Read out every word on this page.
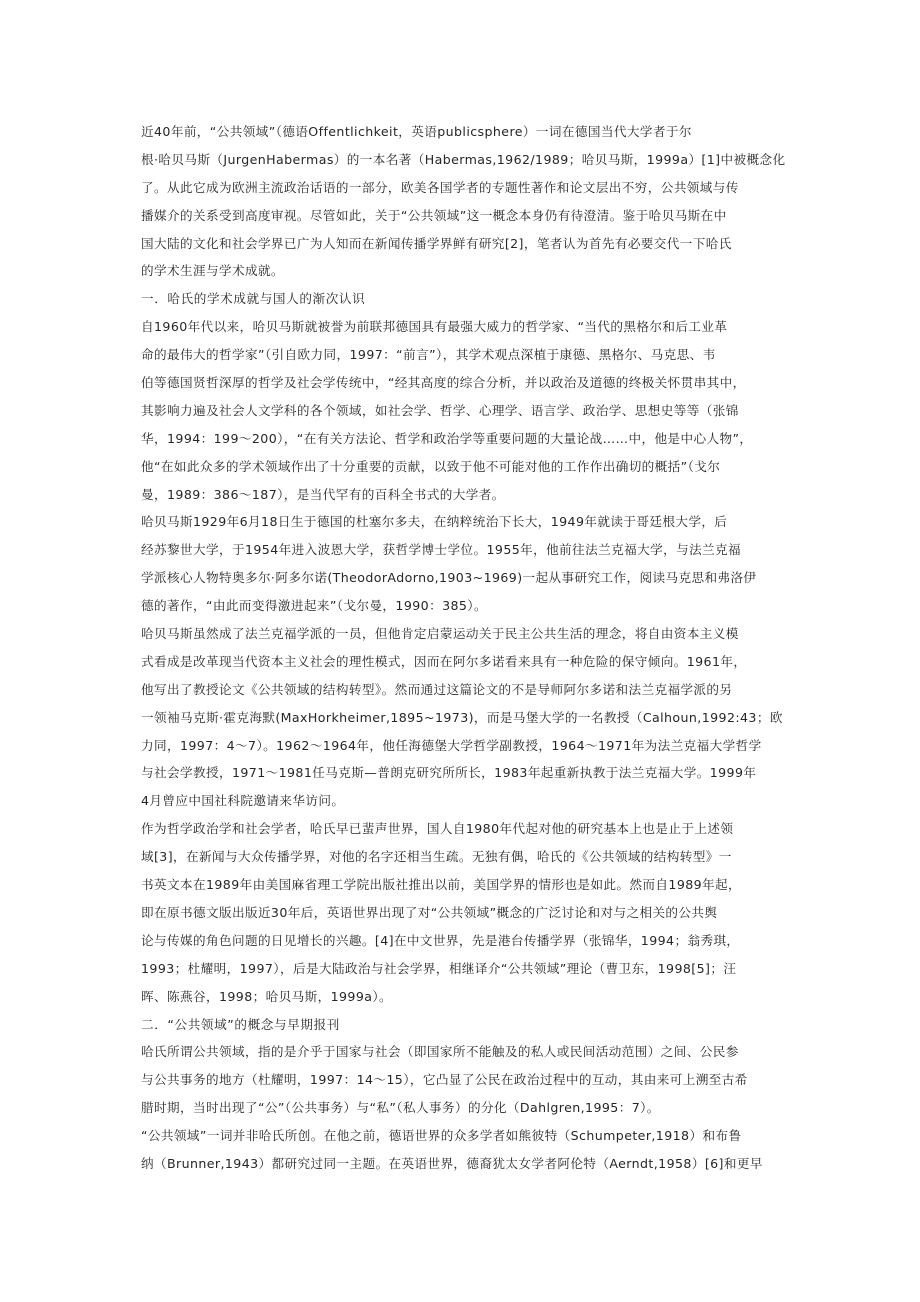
近40年前，“公共领域”（德语Offentlichkeit，英语publicsphere）一词在德国当代大学者于尔
根·哈贝马斯（JurgenHabermas）的一本名著（Habermas,1962/1989；哈贝马斯，1999a）[1]中被概念化
了。从此它成为欧洲主流政治话语的一部分，欧美各国学者的专题性著作和论文层出不穷，公共领域与传
播媒介的关系受到高度审视。尽管如此，关于“公共领域”这一概念本身仍有待澄清。鉴于哈贝马斯在中
国大陆的文化和社会学界已广为人知而在新闻传播学界鲜有研究[2]，笔者认为首先有必要交代一下哈氏
的学术生涯与学术成就。
一．哈氏的学术成就与国人的渐次认识
自1960年代以来，哈贝马斯就被誉为前联邦德国具有最强大威力的哲学家、“当代的黑格尔和后工业革
命的最伟大的哲学家”（引自欧力同，1997：“前言”），其学术观点深植于康德、黑格尔、马克思、韦
伯等德国贤哲深厚的哲学及社会学传统中，“经其高度的综合分析，并以政治及道德的终极关怀贯串其中，
其影响力遍及社会人文学科的各个领域，如社会学、哲学、心理学、语言学、政治学、思想史等等（张锦
华，1994：199～200），“在有关方法论、哲学和政治学等重要问题的大量论战……中，他是中心人物”，
他“在如此众多的学术领域作出了十分重要的贡献，以致于他不可能对他的工作作出确切的概括”（戈尔
曼，1989：386～187），是当代罕有的百科全书式的大学者。
哈贝马斯1929年6月18日生于德国的杜塞尔多夫，在纳粹统治下长大，1949年就读于哥廷根大学，后
经苏黎世大学，于1954年进入波恩大学，获哲学博士学位。1955年，他前往法兰克福大学，与法兰克福
学派核心人物特奥多尔·阿多尔诺(TheodorAdorno,1903~1969)一起从事研究工作，阅读马克思和弗洛伊
德的著作，“由此而变得激进起来”（戈尔曼，1990：385）。
哈贝马斯虽然成了法兰克福学派的一员，但他肯定启蒙运动关于民主公共生活的理念，将自由资本主义模
式看成是改革现当代资本主义社会的理性模式，因而在阿尔多诺看来具有一种危险的保守倾向。1961年，
他写出了教授论文《公共领域的结构转型》。然而通过这篇论文的不是导师阿尔多诺和法兰克福学派的另
一领袖马克斯·霍克海默(MaxHorkheimer,1895~1973)，而是马堡大学的一名教授（Calhoun,1992:43；欧
力同，1997：4～7）。1962～1964年，他任海德堡大学哲学副教授，1964～1971年为法兰克福大学哲学
与社会学教授，1971～1981任马克斯—普朗克研究所所长，1983年起重新执教于法兰克福大学。1999年
4月曾应中国社科院邀请来华访问。
作为哲学政治学和社会学者，哈氏早已蜚声世界，国人自1980年代起对他的研究基本上也是止于上述领
域[3]，在新闻与大众传播学界，对他的名字还相当生疏。无独有偶，哈氏的《公共领域的结构转型》一
书英文本在1989年由美国麻省理工学院出版社推出以前，美国学界的情形也是如此。然而自1989年起，
即在原书德文版出版近30年后，英语世界出现了对“公共领域”概念的广泛讨论和对与之相关的公共舆
论与传媒的角色问题的日见增长的兴趣。[4]在中文世界，先是港台传播学界（张锦华，1994；翁秀琪，
1993；杜耀明，1997），后是大陆政治与社会学界，相继译介“公共领域”理论（曹卫东，1998[5]；汪
晖、陈燕谷，1998；哈贝马斯，1999a）。
二．“公共领域”的概念与早期报刊
哈氏所谓公共领域，指的是介乎于国家与社会（即国家所不能触及的私人或民间活动范围）之间、公民参
与公共事务的地方（杜耀明，1997：14～15），它凸显了公民在政治过程中的互动，其由来可上溯至古希
腊时期，当时出现了“公”（公共事务）与“私”（私人事务）的分化（Dahlgren,1995：7）。
“公共领域”一词并非哈氏所创。在他之前，德语世界的众多学者如熊彼特（Schumpeter,1918）和布鲁
纳（Brunner,1943）都研究过同一主题。在英语世界，德裔犹太女学者阿伦特（Aerndt,1958）[6]和更早
